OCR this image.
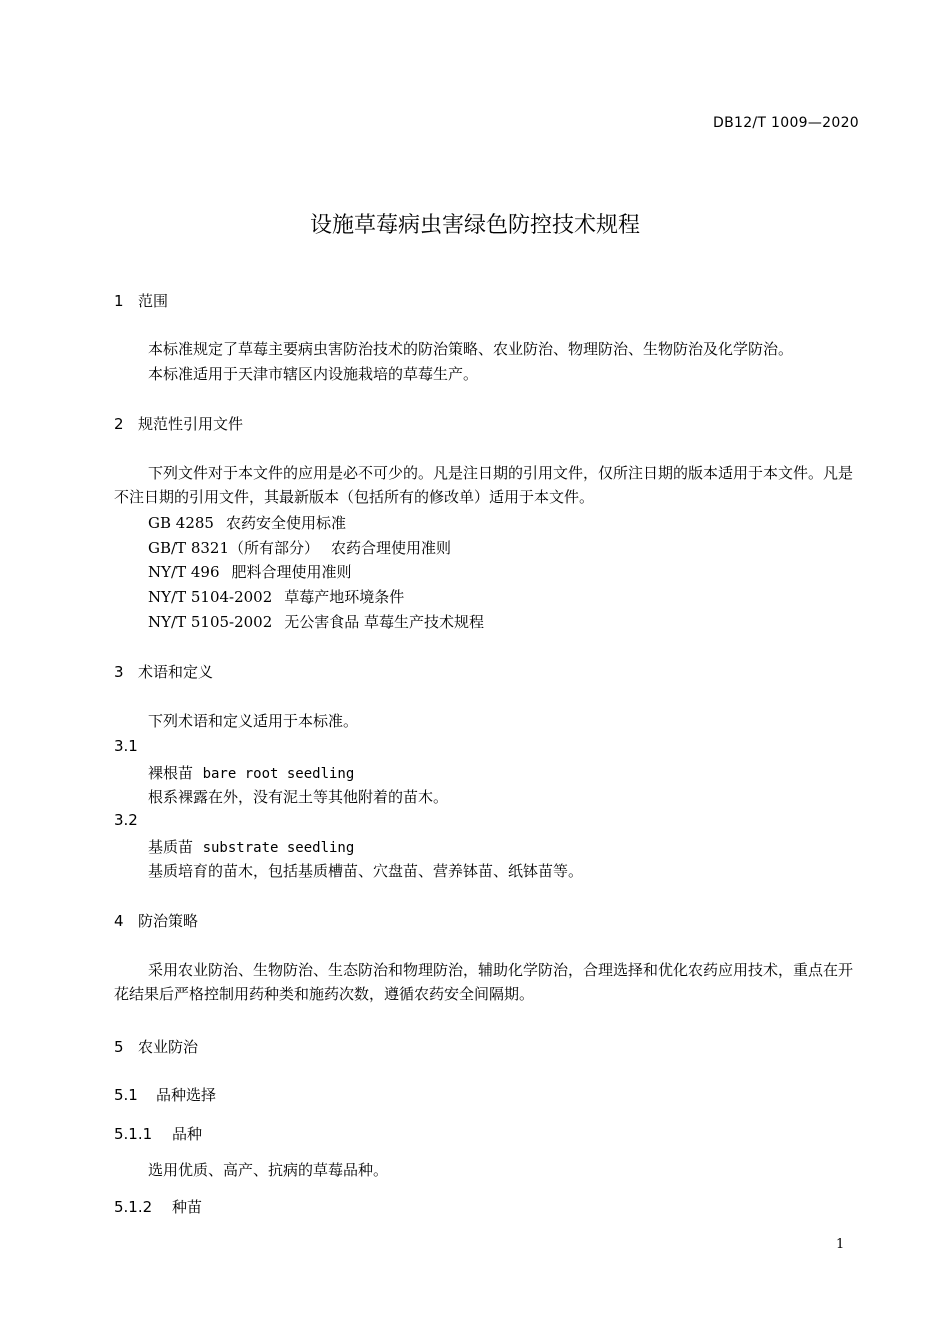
DB12/T 1009—2020
设施草莓病虫害绿色防控技术规程
1 范围
本标准规定了草莓主要病虫害防治技术的防治策略、农业防治、物理防治、生物防治及化学防治。
本标准适用于天津市辖区内设施栽培的草莓生产。
2 规范性引用文件
下列文件对于本文件的应用是必不可少的。凡是注日期的引用文件，仅所注日期的版本适用于本文件。凡是不注日期的引用文件，其最新版本（包括所有的修改单）适用于本文件。
GB 4285 农药安全使用标准
GB/T 8321（所有部分） 农药合理使用准则
NY/T 496 肥料合理使用准则
NY/T 5104-2002 草莓产地环境条件
NY/T 5105-2002 无公害食品 草莓生产技术规程
3 术语和定义
下列术语和定义适用于本标准。
3.1
裸根苗 bare root seedling
根系裸露在外，没有泥土等其他附着的苗木。
3.2
基质苗 substrate seedling
基质培育的苗木，包括基质槽苗、穴盘苗、营养钵苗、纸钵苗等。
4 防治策略
采用农业防治、生物防治、生态防治和物理防治，辅助化学防治，合理选择和优化农药应用技术，重点在开花结果后严格控制用药种类和施药次数，遵循农药安全间隔期。
5 农业防治
5.1 品种选择
5.1.1 品种
选用优质、高产、抗病的草莓品种。
5.1.2 种苗
1
